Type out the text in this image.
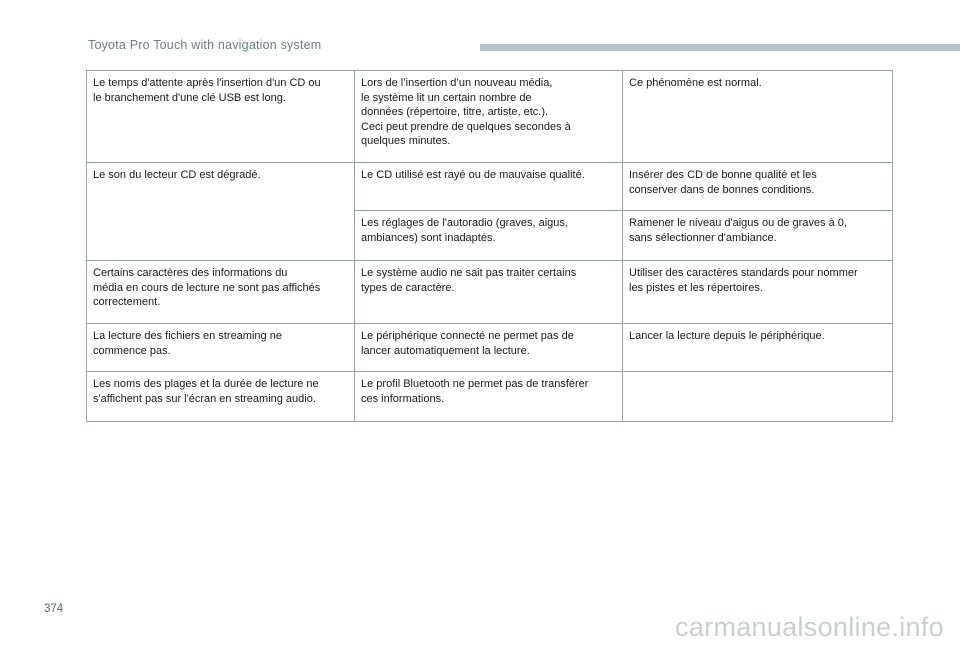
Toyota Pro Touch with navigation system
Le temps d'attente après l'insertion d'un CD ou
le branchement d'une clé USB est long.	Lors de l’insertion d’un nouveau média,
le système lit un certain nombre de
données (répertoire, titre, artiste, etc.).
Ceci peut prendre de quelques secondes à
quelques minutes.	Ce phénomène est normal.

Le son du lecteur CD est dégradé.	Le CD utilisé est rayé ou de mauvaise qualité.	Insérer des CD de bonne qualité et les
conserver dans de bonnes conditions.

	Les réglages de l'autoradio (graves, aigus,
ambiances) sont inadaptés.	Ramener le niveau d'aigus ou de graves à 0,
sans sélectionner d'ambiance.

Certains caractères des informations du
média en cours de lecture ne sont pas affichés
correctement.	Le système audio ne sait pas traiter certains
types de caractère.	Utiliser des caractères standards pour nommer
les pistes et les répertoires.

La lecture des fichiers en streaming ne
commence pas.	Le périphérique connecté ne permet pas de
lancer automatiquement la lecture.	Lancer la lecture depuis le périphérique.

Les noms des plages et la durée de lecture ne
s'affichent pas sur l'écran en streaming audio.	Le profil Bluetooth ne permet pas de transférer
ces informations.	

374
carmanualsonline.info
